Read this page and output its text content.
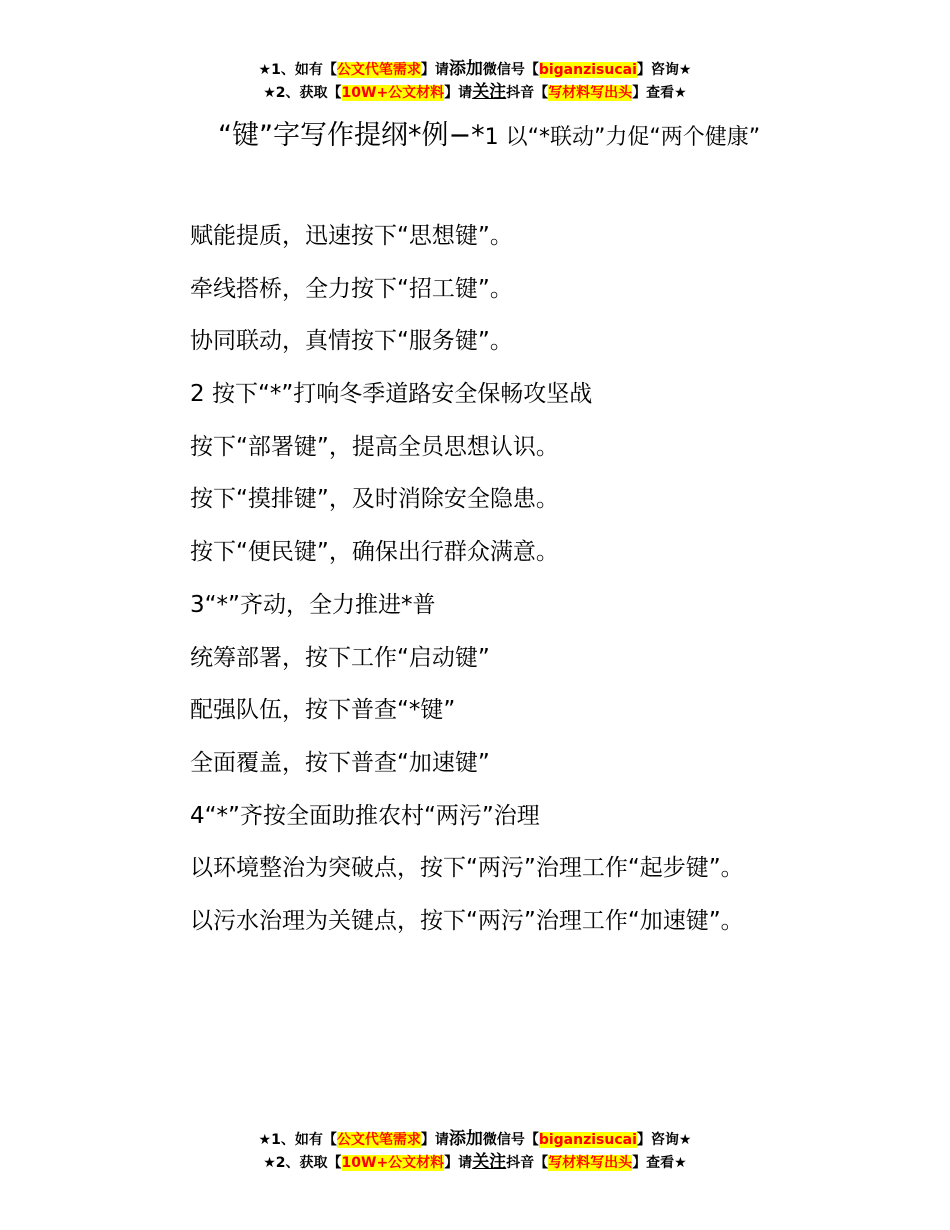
★1、如有【公文代笔需求】请添加微信号【biganzisucai】咨询★
★2、获取【10W+公文材料】请关注抖音【写材料写出头】查看★
“键”字写作提纲*例−*1 以“*联动”力促“两个健康”
赋能提质，迅速按下“思想键”。
牵线搭桥，全力按下“招工键”。
协同联动，真情按下“服务键”。
2 按下“*”打响冬季道路安全保畅攻坚战
按下“部署键”，提高全员思想认识。
按下“摸排键”，及时消除安全隐患。
按下“便民键”，确保出行群众满意。
3“*”齐动，全力推进*普
统筹部署，按下工作“启动键”
配强队伍，按下普查“*键”
全面覆盖，按下普查“加速键”
4“*”齐按全面助推农村“两污”治理
以环境整治为突破点，按下“两污”治理工作“起步键”。
以污水治理为关键点，按下“两污”治理工作“加速键”。
★1、如有【公文代笔需求】请添加微信号【biganzisucai】咨询★
★2、获取【10W+公文材料】请关注抖音【写材料写出头】查看★
